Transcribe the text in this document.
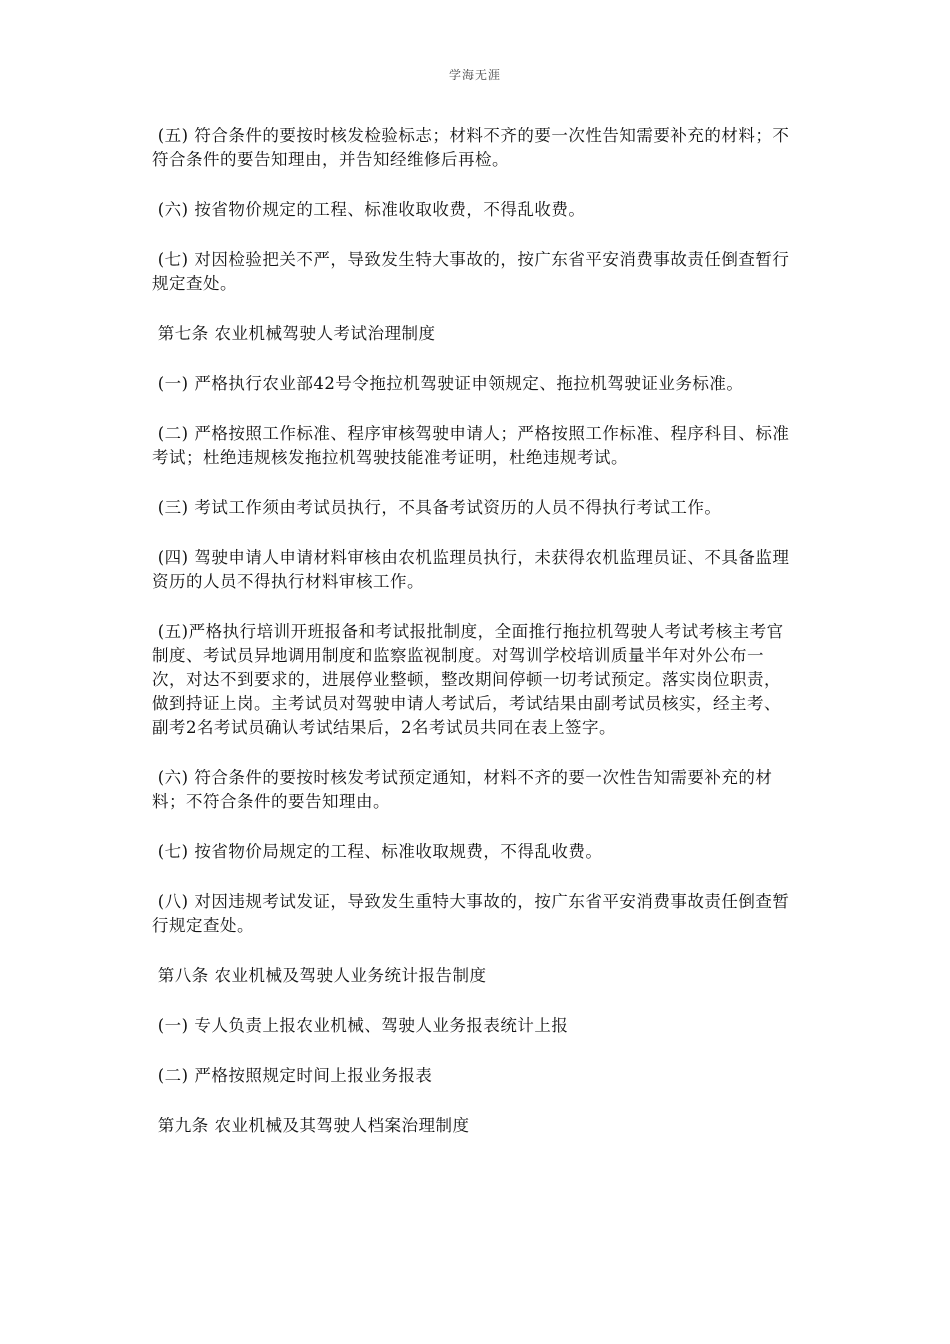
学海无涯

(五) 符合条件的要按时核发检验标志；材料不齐的要一次性告知需要补充的材料；不符合条件的要告知理由，并告知经维修后再检。

(六) 按省物价规定的工程、标准收取收费，不得乱收费。

(七) 对因检验把关不严，导致发生特大事故的，按广东省平安消费事故责任倒查暂行规定查处。

第七条 农业机械驾驶人考试治理制度

(一) 严格执行农业部42号令拖拉机驾驶证申领规定、拖拉机驾驶证业务标准。

(二) 严格按照工作标准、程序审核驾驶申请人；严格按照工作标准、程序科目、标准考试；杜绝违规核发拖拉机驾驶技能准考证明，杜绝违规考试。

(三) 考试工作须由考试员执行，不具备考试资历的人员不得执行考试工作。

(四) 驾驶申请人申请材料审核由农机监理员执行，未获得农机监理员证、不具备监理资历的人员不得执行材料审核工作。

(五)严格执行培训开班报备和考试报批制度，全面推行拖拉机驾驶人考试考核主考官制度、考试员异地调用制度和监察监视制度。对驾训学校培训质量半年对外公布一次，对达不到要求的，进展停业整顿，整改期间停顿一切考试预定。落实岗位职责，做到持证上岗。主考试员对驾驶申请人考试后，考试结果由副考试员核实，经主考、副考2名考试员确认考试结果后，2名考试员共同在表上签字。

(六) 符合条件的要按时核发考试预定通知，材料不齐的要一次性告知需要补充的材料；不符合条件的要告知理由。

(七) 按省物价局规定的工程、标准收取规费，不得乱收费。

(八) 对因违规考试发证，导致发生重特大事故的，按广东省平安消费事故责任倒查暂行规定查处。

第八条 农业机械及驾驶人业务统计报告制度

(一) 专人负责上报农业机械、驾驶人业务报表统计上报

(二) 严格按照规定时间上报业务报表

第九条 农业机械及其驾驶人档案治理制度
